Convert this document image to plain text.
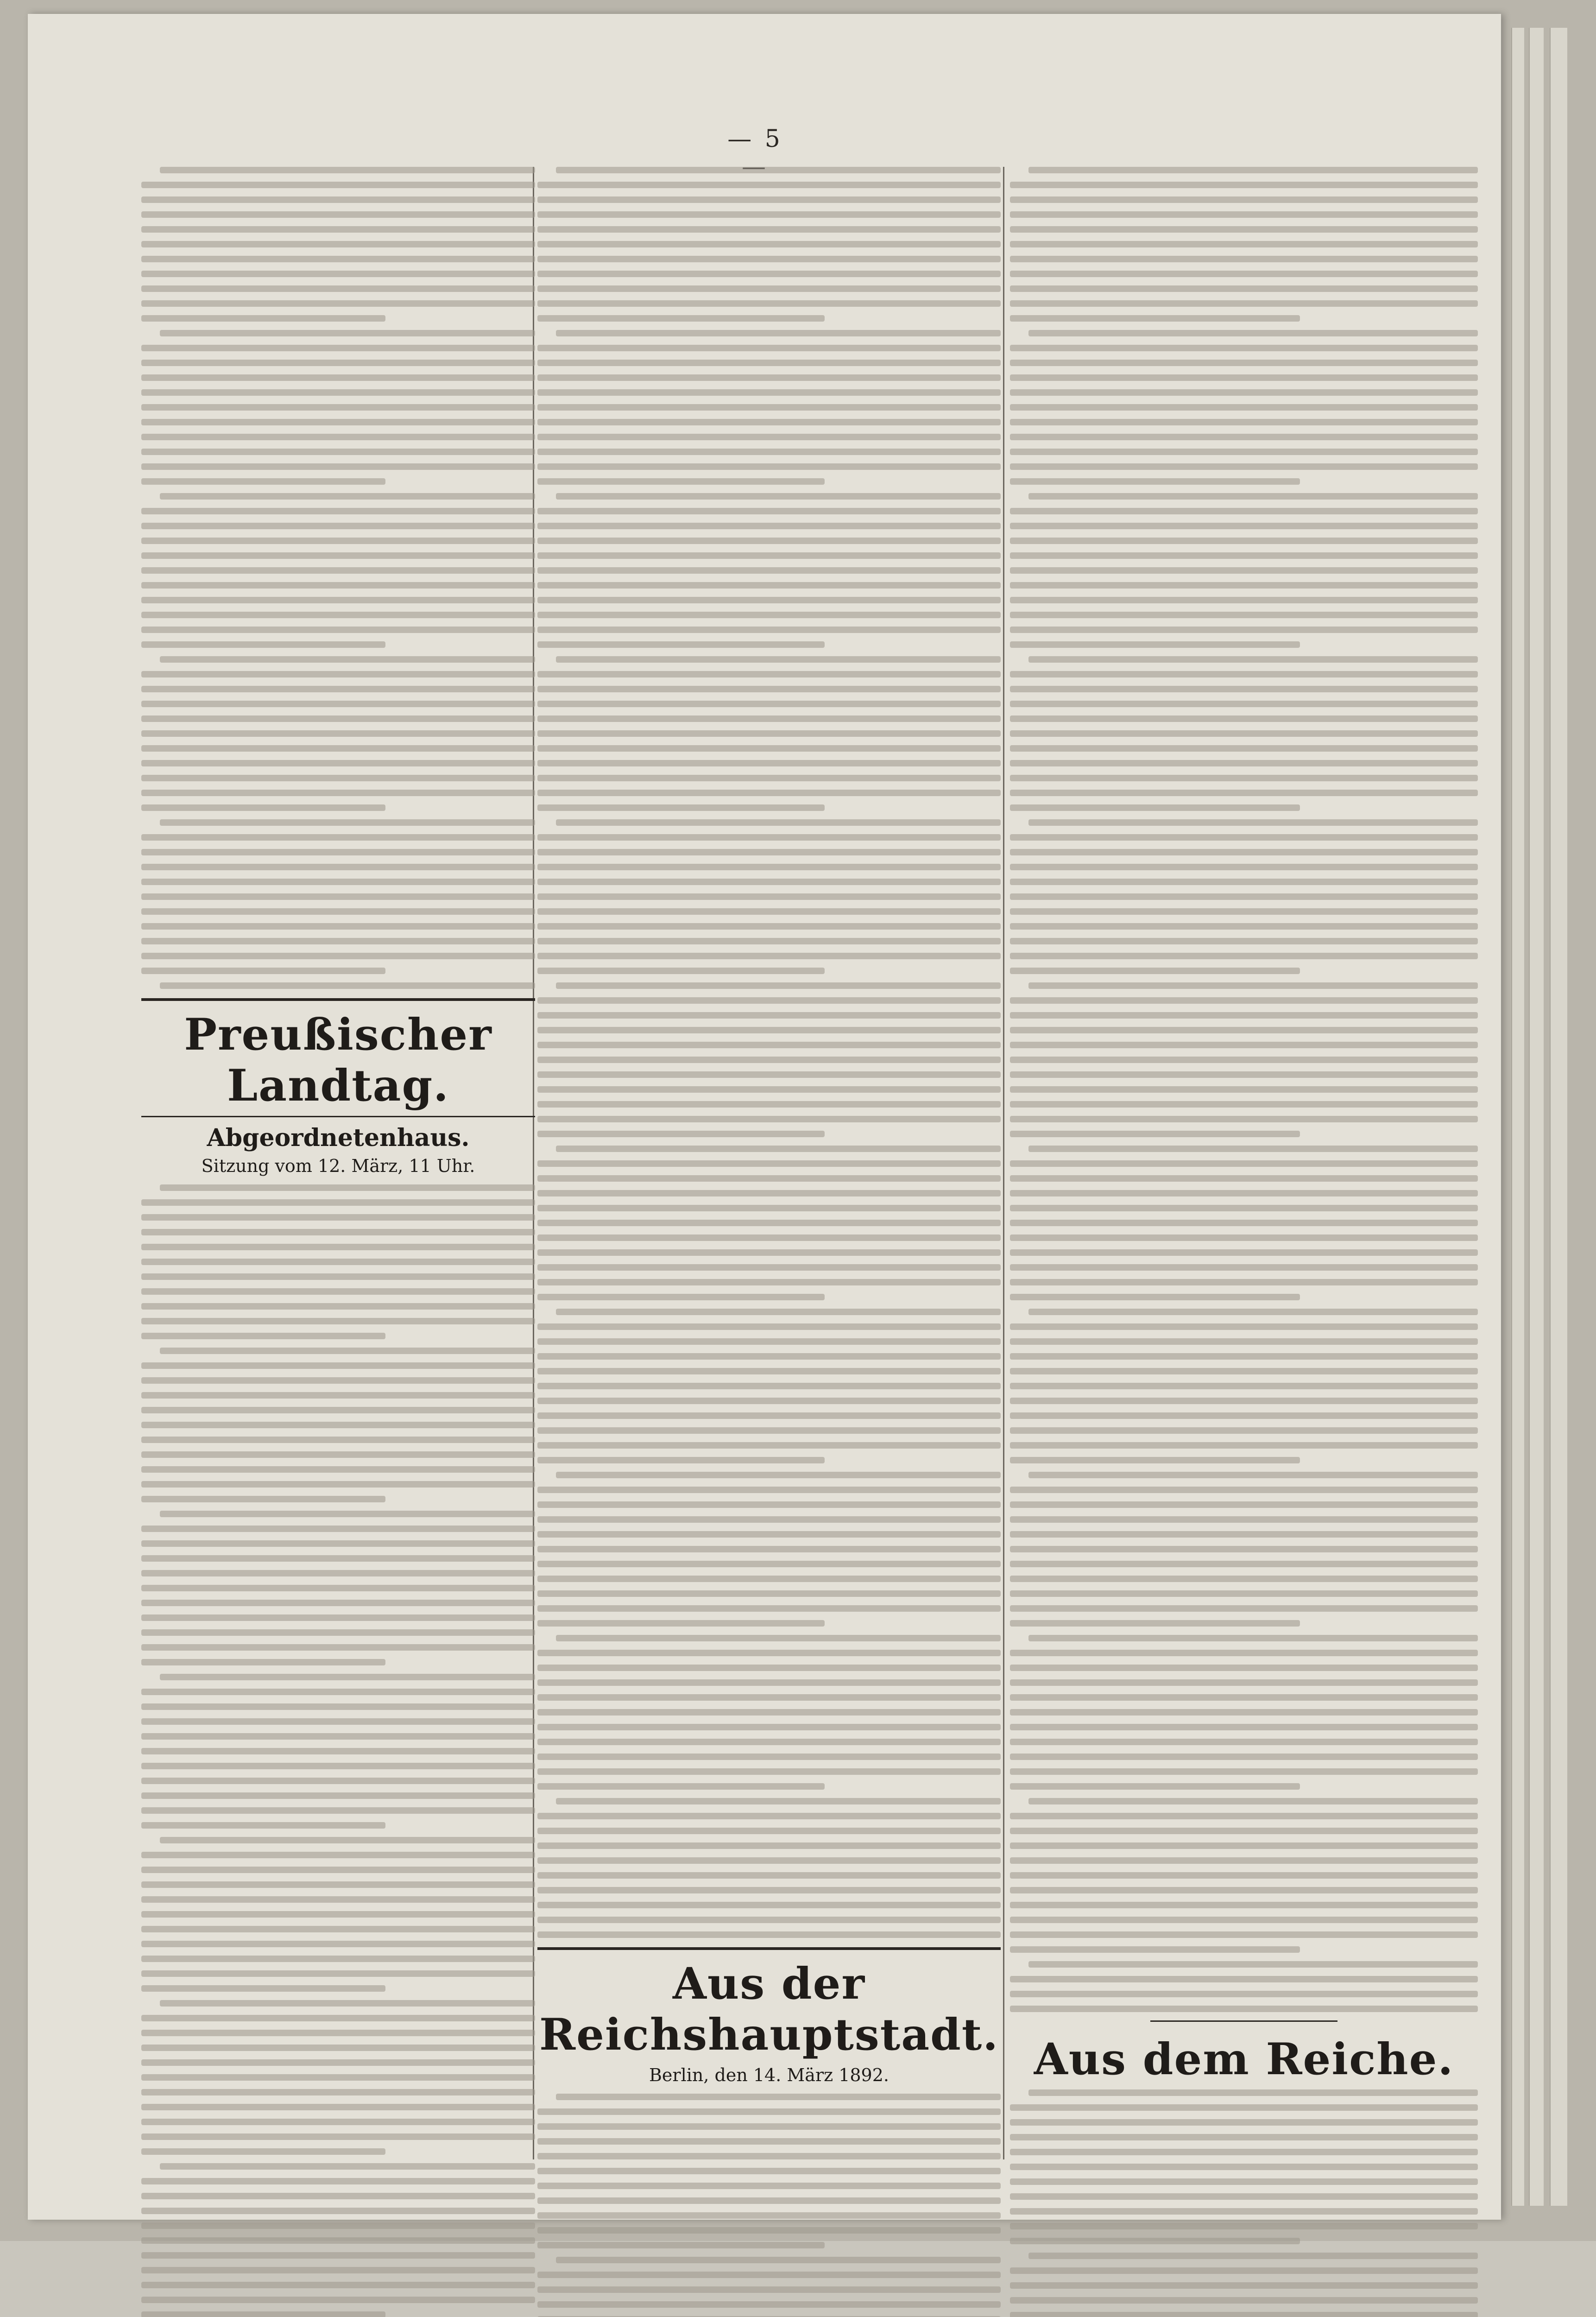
— 5
Preußischer Landtag.
Abgeordnetenhaus.
Sitzung vom 12. März, 11 Uhr.
Aus der Reichshauptstadt.
Berlin, den 14. März 1892.	Aus dem Reiche.
